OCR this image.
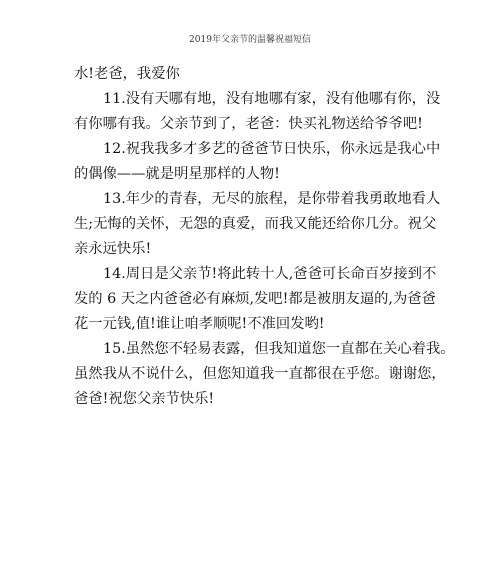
2019年父亲节的温馨祝福短信
水!老爸，我爱你
11.没有天哪有地，没有地哪有家，没有他哪有你，没
有你哪有我。父亲节到了，老爸：快买礼物送给爷爷吧!
12.祝我我多才多艺的爸爸节日快乐，你永远是我心中
的偶像——就是明星那样的人物!
13.年少的青春，无尽的旅程，是你带着我勇敢地看人
生;无悔的关怀，无怨的真爱，而我又能还给你几分。祝父
亲永远快乐!
14.周日是父亲节!将此转十人,爸爸可长命百岁接到不
发的 6 天之内爸爸必有麻烦,发吧!都是被朋友逼的,为爸爸
花一元钱,值!谁让咱孝顺呢!不准回发哟!
15.虽然您不轻易表露，但我知道您一直都在关心着我。
虽然我从不说什么，但您知道我一直都很在乎您。谢谢您，
爸爸!祝您父亲节快乐!
